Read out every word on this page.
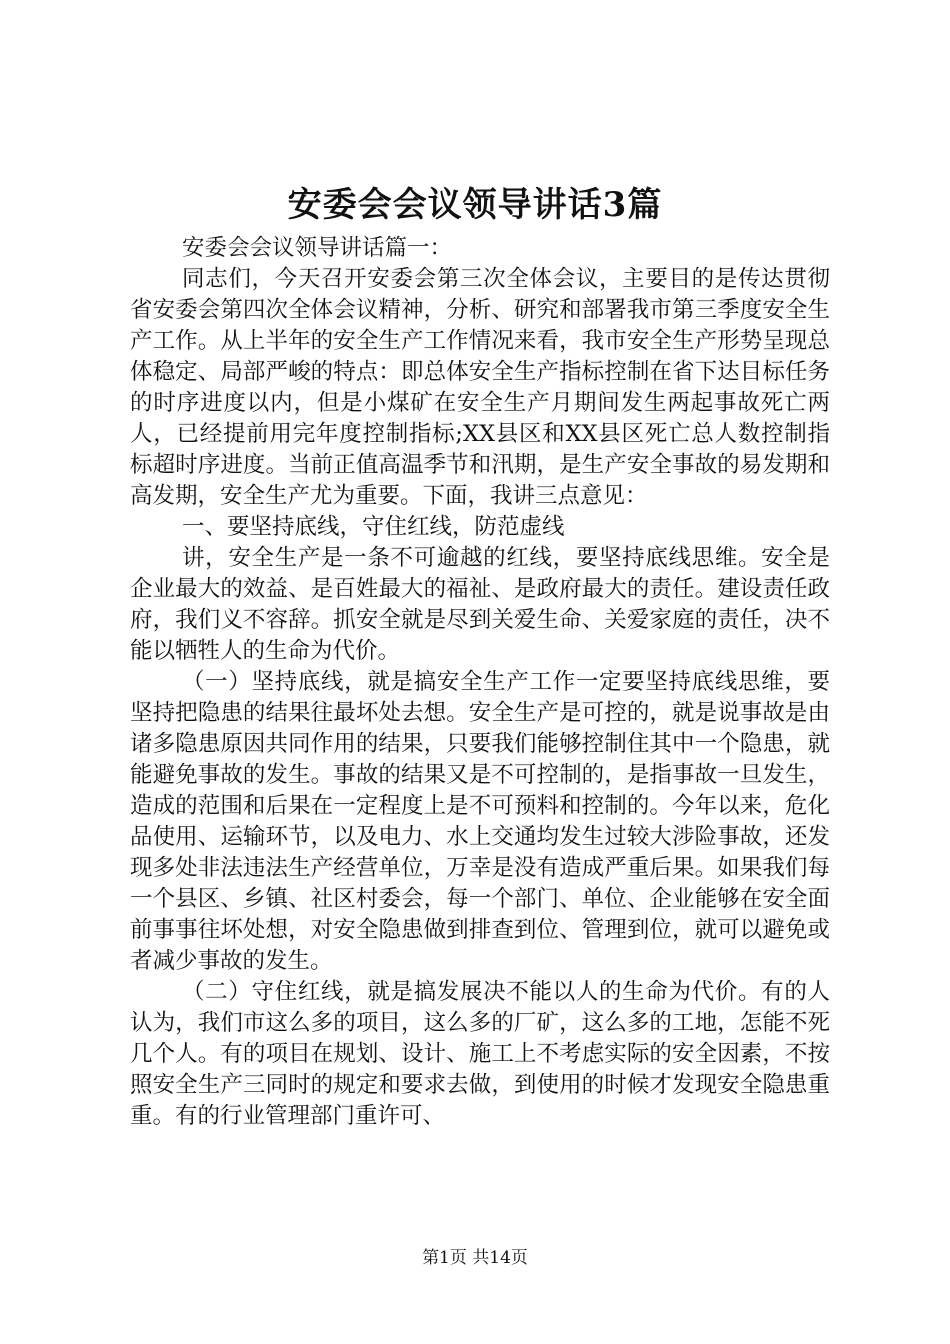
安委会会议领导讲话3篇

安委会会议领导讲话篇一：

同志们，今天召开安委会第三次全体会议，主要目的是传达贯彻省安委会第四次全体会议精神，分析、研究和部署我市第三季度安全生产工作。从上半年的安全生产工作情况来看，我市安全生产形势呈现总体稳定、局部严峻的特点：即总体安全生产指标控制在省下达目标任务的时序进度以内，但是小煤矿在安全生产月期间发生两起事故死亡两人，已经提前用完年度控制指标;XX县区和XX县区死亡总人数控制指标超时序进度。当前正值高温季节和汛期，是生产安全事故的易发期和高发期，安全生产尤为重要。下面，我讲三点意见：

一、要坚持底线，守住红线，防范虚线

讲，安全生产是一条不可逾越的红线，要坚持底线思维。安全是企业最大的效益、是百姓最大的福祉、是政府最大的责任。建设责任政府，我们义不容辞。抓安全就是尽到关爱生命、关爱家庭的责任，决不能以牺牲人的生命为代价。

（一）坚持底线，就是搞安全生产工作一定要坚持底线思维，要坚持把隐患的结果往最坏处去想。安全生产是可控的，就是说事故是由诸多隐患原因共同作用的结果，只要我们能够控制住其中一个隐患，就能避免事故的发生。事故的结果又是不可控制的，是指事故一旦发生，造成的范围和后果在一定程度上是不可预料和控制的。今年以来，危化品使用、运输环节，以及电力、水上交通均发生过较大涉险事故，还发现多处非法违法生产经营单位，万幸是没有造成严重后果。如果我们每一个县区、乡镇、社区村委会，每一个部门、单位、企业能够在安全面前事事往坏处想，对安全隐患做到排查到位、管理到位，就可以避免或者减少事故的发生。

（二）守住红线，就是搞发展决不能以人的生命为代价。有的人认为，我们市这么多的项目，这么多的厂矿，这么多的工地，怎能不死几个人。有的项目在规划、设计、施工上不考虑实际的安全因素，不按照安全生产三同时的规定和要求去做，到使用的时候才发现安全隐患重重。有的行业管理部门重许可、

第1页 共14页
